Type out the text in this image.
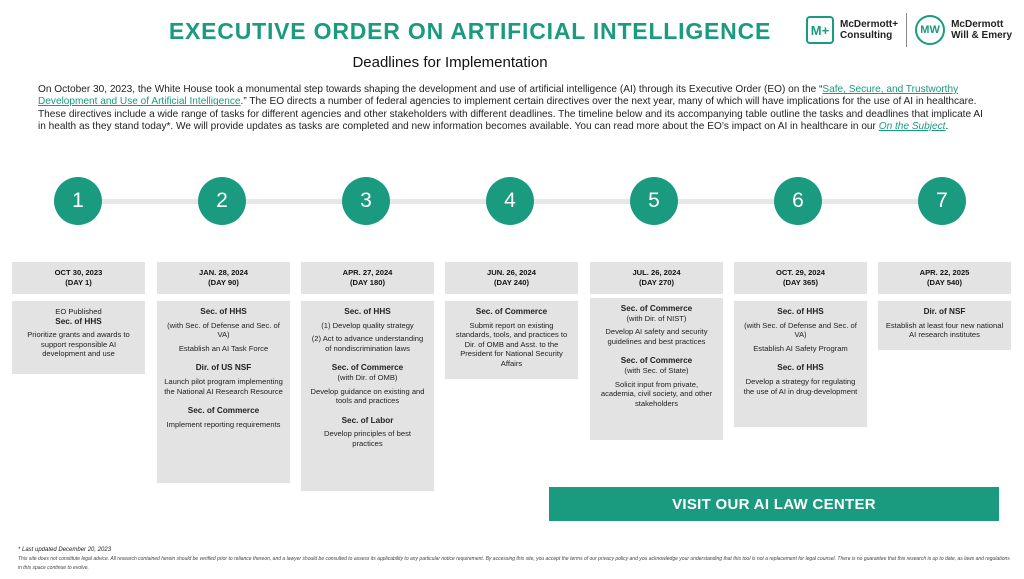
EXECUTIVE ORDER ON ARTIFICIAL INTELLIGENCE
Deadlines for Implementation
M+	McDermott+
Consulting	MW	McDermott
Will & Emery
On October 30, 2023, the White House took a monumental step towards shaping the development and use of artificial intelligence (AI) through its Executive Order (EO) on the “Safe, Secure, and Trustworthy Development and Use of Artificial Intelligence.” The EO directs a number of federal agencies to implement certain directives over the next year, many of which will have implications for the use of AI in healthcare. These directives include a wide range of tasks for different agencies and other stakeholders with different deadlines. The timeline below and its accompanying table outline the tasks and deadlines that implicate AI in health as they stand today*. We will provide updates as tasks are completed and new information becomes available. You can read more about the EO’s impact on AI in healthcare in our On the Subject.
1	2	3	4	5	6	7
OCT 30, 2023
(DAY 1)
JAN. 28, 2024
(DAY 90)
APR. 27, 2024
(DAY 180)
JUN. 26, 2024
(DAY 240)
JUL. 26, 2024
(DAY 270)
OCT. 29, 2024
(DAY 365)
APR. 22, 2025
(DAY 540)
EO Published
Sec. of HHS
Prioritize grants and awards to support responsible AI development and use
Sec. of HHS
(with Sec. of Defense and Sec. of VA)
Establish an AI Task Force
Dir. of US NSF
Launch pilot program implementing the National AI Research Resource
Sec. of Commerce
Implement reporting requirements
Sec. of HHS
(1) Develop quality strategy
(2) Act to advance understanding of nondiscrimination laws
Sec. of Commerce
(with Dir. of OMB)
Develop guidance on existing and tools and practices
Sec. of Labor
Develop principles of best practices
Sec. of Commerce
Submit report on existing standards, tools, and practices to Dir. of OMB and Asst. to the President for National Security Affairs
Sec. of Commerce
(with Dir. of NIST)
Develop AI safety and security guidelines and best practices
Sec. of Commerce
(with Sec. of State)
Solicit input from private, academia, civil society, and other stakeholders
Sec. of HHS
(with Sec. of Defense and Sec. of VA)
Establish AI Safety Program
Sec. of HHS
Develop a strategy for regulating the use of AI in drug-development
Dir. of NSF
Establish at least four new national AI research institutes
VISIT OUR AI LAW CENTER
* Last updated December 20, 2023
This site does not constitute legal advice. All research contained herein should be verified prior to reliance thereon, and a lawyer should be consulted to assess its applicability to any particular notice requirement. By accessing this site, you accept the terms of our privacy policy and you acknowledge your understanding that this tool is not a replacement for legal counsel. There is no guarantee that this research is up to date, as laws and regulations in this space continue to evolve.
